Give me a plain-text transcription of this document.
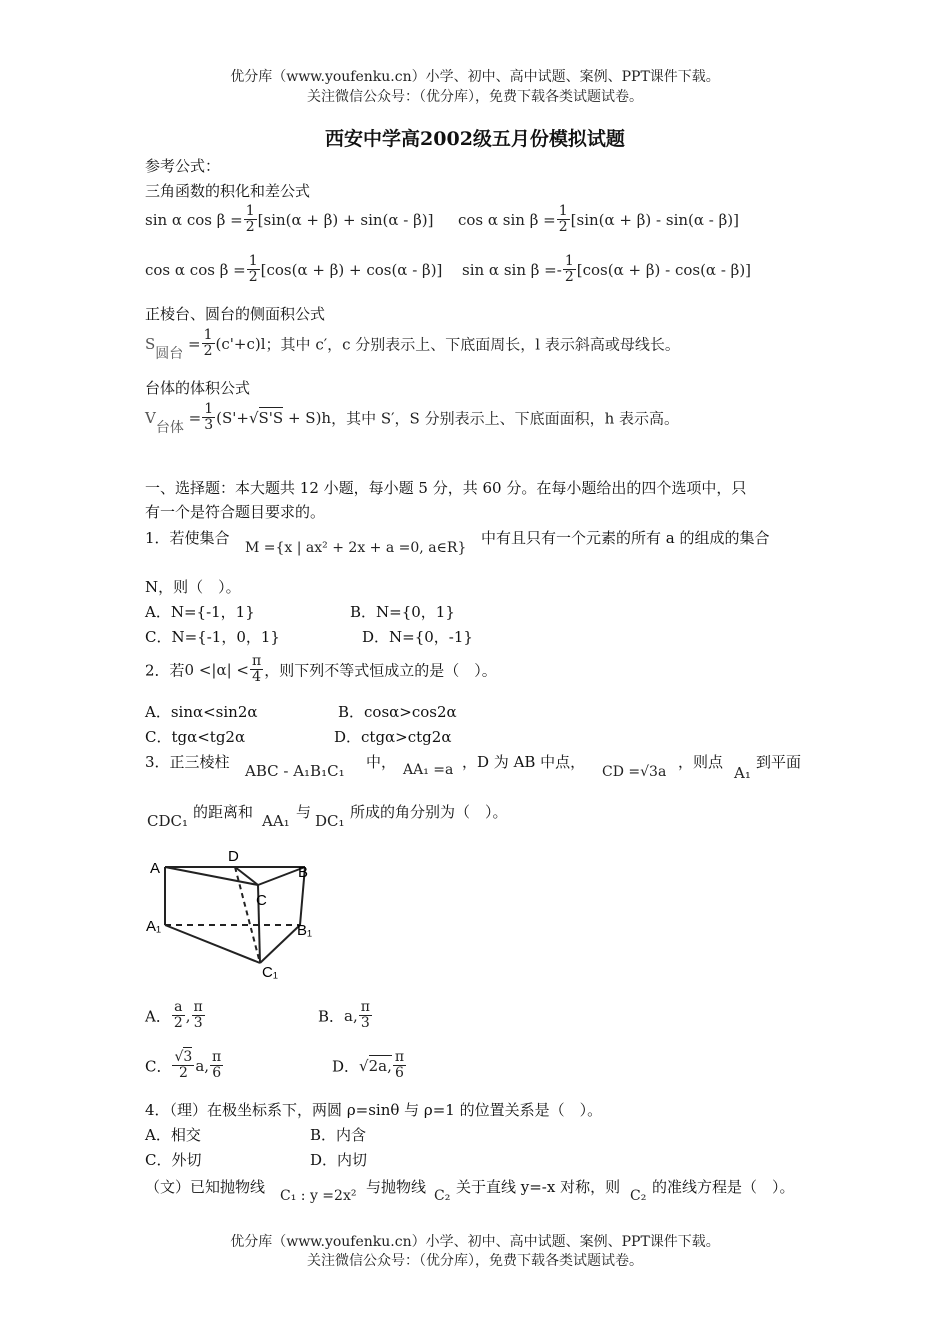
优分库（www.youfenku.cn）小学、初中、高中试题、案例、PPT课件下载。
关注微信公众号：（优分库），免费下载各类试题试卷。
西安中学高2002级五月份模拟试题
参考公式：
三角函数的积化和差公式
sin α $\cos \beta = \frac{1}{2} [\sin(\alpha + \beta) + \sin(\alpha - \beta)]$ cos α $\sin \beta = \frac{1}{2} [\sin(\alpha + \beta) - \sin(\alpha - \beta)]$
cos α $\cos \beta = \frac{1}{2} [\cos(\alpha + \beta) + \cos(\alpha - \beta)]$ sin α $\sin \beta =- \frac{1}{2} [\cos(\alpha + \beta) - \cos(\alpha - \beta)]$
正棱台、圆台的侧面积公式
S圆台 = $\frac{1}{2} (c'+c)l$；其中 c′，c 分别表示上、下底面周长，l 表示斜高或母线长。
台体的体积公式
V台体 = $\frac{1}{3} (S'+√S'S + S)h$，其中 S′，S 分别表示上、下底面面积，h 表示高。
一、选择题：本大题共 12 小题，每小题 5 分，共 60 分。在每小题给出的四个选项中，只
有一个是符合题目要求的。
1．若使集合
M ={x | ax² + 2x + a =0, a∈R}
中有且只有一个元素的所有 a 的组成的集合
N，则（　）。
A．N={-1，1}	B．N={0，1}
C．N={-1，0，1}	D．N={0，-1}
2．若$0 <|\alpha| < \frac{\pi}{4}$ ，则下列不等式恒成立的是（　）。
A．sinα<sin2α	B．cosα>cos2α
C．tgα<tg2α	D．ctgα>ctg2α
3．正三棱柱 ABC - A₁B₁C₁ 中， AA₁ =a ，D 为 AB 中点，
CD =√3a
，则点
A₁
到平面
CDC₁ 的距离和 AA₁ 与 DC₁ 所成的角分别为（　）。
A
D
B
C
A₁	B₁
C₁
A． $\frac{a}{2}$ , $\frac{\pi}{3}$	B．a, $\frac{\pi}{3}$
C． $\frac{√3}{2} a$, $\frac{\pi}{6}$	D．√2a, $\frac{\pi}{6}$
4．（理）在极坐标系下，两圆 ρ=sinθ 与 ρ=1 的位置关系是（　）。
A．相交	B．内含
C．外切	D．内切
（文）已知抛物线 C₁ : y =2x² 与抛物线 C₂ 关于直线 y=-x 对称，则 C₂ 的准线方程是（　）。
优分库（www.youfenku.cn）小学、初中、高中试题、案例、PPT课件下载。
关注微信公众号：（优分库），免费下载各类试题试卷。
